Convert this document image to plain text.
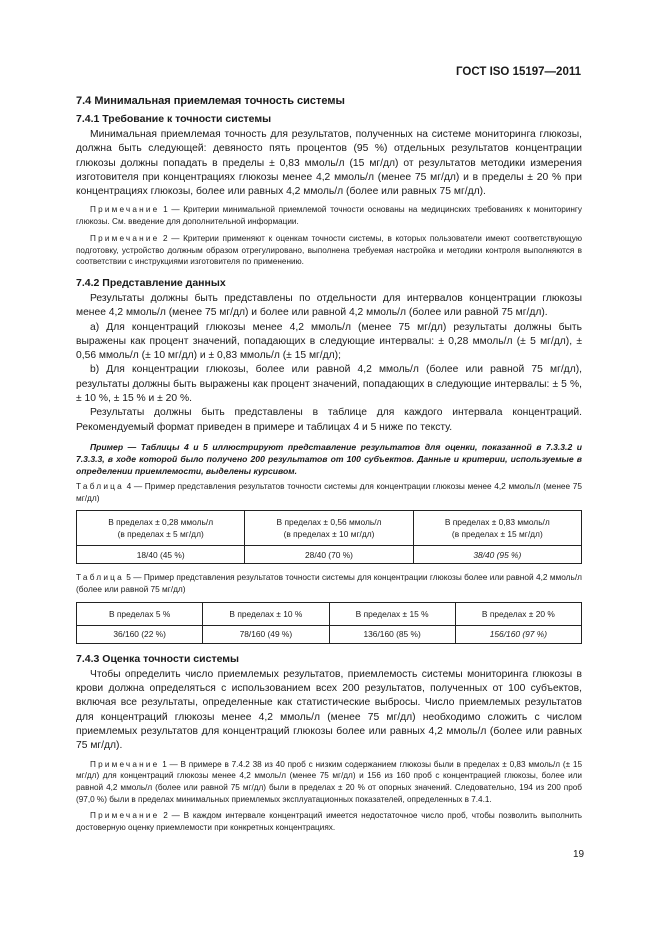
ГОСТ ISO 15197—2011
7.4 Минимальная приемлемая точность системы
7.4.1 Требование к точности системы

Минимальная приемлемая точность для результатов, полученных на системе мониторинга глюкозы, должна быть следующей: девяносто пять процентов (95 %) отдельных результатов концентрации глюкозы должны попадать в пределы ± 0,83 ммоль/л (15 мг/дл) от результатов методики измерения изготовителя при концентрациях глюкозы менее 4,2 ммоль/л (менее 75 мг/дл) и в пределы ± 20 % при концентрациях глюкозы, более или равных 4,2 ммоль/л (более или равных 75 мг/дл).

Примечание 1 — Критерии минимальной приемлемой точности основаны на медицинских требованиях к мониторингу глюкозы. См. введение для дополнительной информации.

Примечание 2 — Критерии применяют к оценкам точности системы, в которых пользователи имеют соответствующую подготовку, устройство должным образом отрегулировано, выполнена требуемая настройка и методики контроля выполняются в соответствии с инструкциями изготовителя по применению.

7.4.2 Представление данных

Результаты должны быть представлены по отдельности для интервалов концентрации глюкозы менее 4,2 ммоль/л (менее 75 мг/дл) и более или равной 4,2 ммоль/л (более или равной 75 мг/дл).

а) Для концентраций глюкозы менее 4,2 ммоль/л (менее 75 мг/дл) результаты должны быть выражены как процент значений, попадающих в следующие интервалы: ± 0,28 ммоль/л (± 5 мг/дл), ± 0,56 ммоль/л (± 10 мг/дл) и ± 0,83 ммоль/л (± 15 мг/дл);

b) Для концентрации глюкозы, более или равной 4,2 ммоль/л (более или равной 75 мг/дл), результаты должны быть выражены как процент значений, попадающих в следующие интервалы: ± 5 %, ± 10 %, ± 15 % и ± 20 %.

Результаты должны быть представлены в таблице для каждого интервала концентраций. Рекомендуемый формат приведен в примере и таблицах 4 и 5 ниже по тексту.

Пример — Таблицы 4 и 5 иллюстрируют представление результатов для оценки, показанной в 7.3.3.2 и 7.3.3.3, в ходе которой было получено 200 результатов от 100 субъектов. Данные и критерии, используемые в определении приемлемости, выделены курсивом.

Таблица 4 — Пример представления результатов точности системы для концентрации глюкозы менее 4,2 ммоль/л (менее 75 мг/дл)

В пределах ± 0,28 ммоль/л
(в пределах ± 5 мг/дл)	В пределах ± 0,56 ммоль/л
(в пределах ± 10 мг/дл)	В пределах ± 0,83 ммоль/л
(в пределах ± 15 мг/дл)
18/40 (45 %)	28/40 (70 %)	38/40 (95 %)

Таблица 5 — Пример представления результатов точности системы для концентрации глюкозы более или равной 4,2 ммоль/л (более или равной 75 мг/дл)

В пределах 5 %	В пределах ± 10 %	В пределах ± 15 %	В пределах ± 20 %
36/160 (22 %)	78/160 (49 %)	136/160 (85 %)	156/160 (97 %)
7.4.3 Оценка точности системы

Чтобы определить число приемлемых результатов, приемлемость системы мониторинга глюкозы в крови должна определяться с использованием всех 200 результатов, полученных от 100 субъектов, включая все результаты, определенные как статистические выбросы. Число приемлемых результатов для концентраций глюкозы менее 4,2 ммоль/л (менее 75 мг/дл) необходимо сложить с числом приемлемых результатов для концентраций глюкозы более или равных 4,2 ммоль/л (более или равных 75 мг/дл).

Примечание 1 — В примере в 7.4.2 38 из 40 проб с низким содержанием глюкозы были в пределах ± 0,83 ммоль/л (± 15 мг/дл) для концентраций глюкозы менее 4,2 ммоль/л (менее 75 мг/дл) и 156 из 160 проб с концентрацией глюкозы, более или равной 4,2 ммоль/л (более или равной 75 мг/дл) были в пределах ± 20 % от опорных значений. Следовательно, 194 из 200 проб (97,0 %) были в пределах минимальных приемлемых эксплуатационных показателей, определенных в 7.4.1.

Примечание 2 — В каждом интервале концентраций имеется недостаточное число проб, чтобы позволить выполнить достоверную оценку приемлемости при конкретных концентрациях.

19
